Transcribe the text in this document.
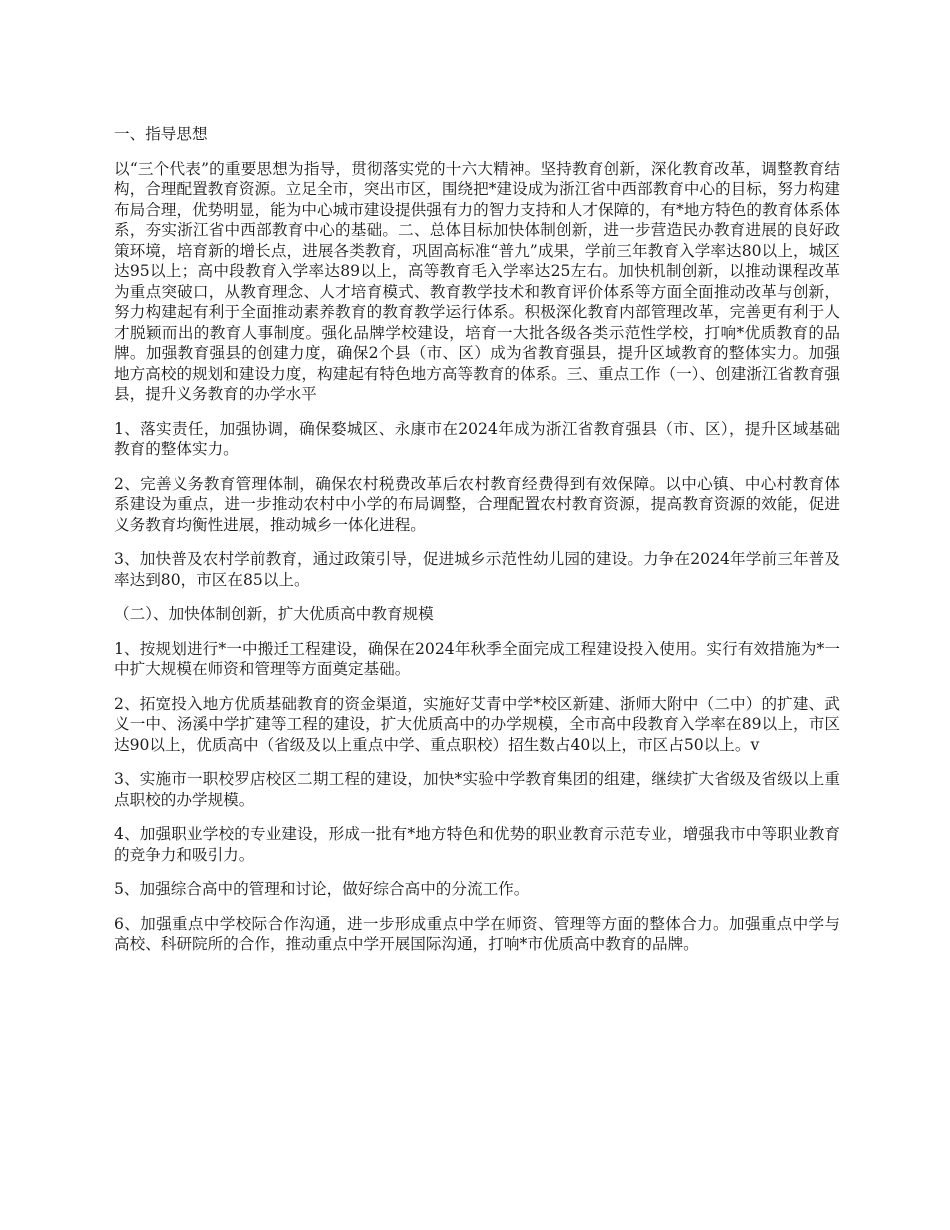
一、指导思想

以“三个代表”的重要思想为指导，贯彻落实党的十六大精神。坚持教育创新，深化教育改革，调整教育结构，合理配置教育资源。立足全市，突出市区，围绕把*建设成为浙江省中西部教育中心的目标，努力构建布局合理，优势明显，能为中心城市建设提供强有力的智力支持和人才保障的，有*地方特色的教育体系体系，夯实浙江省中西部教育中心的基础。二、总体目标加快体制创新，进一步营造民办教育进展的良好政策环境，培育新的增长点，进展各类教育，巩固高标准“普九”成果，学前三年教育入学率达80以上，城区达95以上；高中段教育入学率达89以上，高等教育毛入学率达25左右。加快机制创新，以推动课程改革为重点突破口，从教育理念、人才培育模式、教育教学技术和教育评价体系等方面全面推动改革与创新，努力构建起有利于全面推动素养教育的教育教学运行体系。积极深化教育内部管理改革，完善更有利于人才脱颖而出的教育人事制度。强化品牌学校建设，培育一大批各级各类示范性学校，打响*优质教育的品牌。加强教育强县的创建力度，确保2个县（市、区）成为省教育强县，提升区域教育的整体实力。加强地方高校的规划和建设力度，构建起有特色地方高等教育的体系。三、重点工作（一）、创建浙江省教育强县，提升义务教育的办学水平

1、落实责任，加强协调，确保婺城区、永康市在2024年成为浙江省教育强县（市、区），提升区域基础教育的整体实力。

2、完善义务教育管理体制，确保农村税费改革后农村教育经费得到有效保障。以中心镇、中心村教育体系建设为重点，进一步推动农村中小学的布局调整，合理配置农村教育资源，提高教育资源的效能，促进义务教育均衡性进展，推动城乡一体化进程。

3、加快普及农村学前教育，通过政策引导，促进城乡示范性幼儿园的建设。力争在2024年学前三年普及率达到80，市区在85以上。

（二）、加快体制创新，扩大优质高中教育规模

1、按规划进行*一中搬迁工程建设，确保在2024年秋季全面完成工程建设投入使用。实行有效措施为*一中扩大规模在师资和管理等方面奠定基础。

2、拓宽投入地方优质基础教育的资金渠道，实施好艾青中学*校区新建、浙师大附中（二中）的扩建、武义一中、汤溪中学扩建等工程的建设，扩大优质高中的办学规模，全市高中段教育入学率在89以上，市区达90以上，优质高中（省级及以上重点中学、重点职校）招生数占40以上，市区占50以上。v

3、实施市一职校罗店校区二期工程的建设，加快*实验中学教育集团的组建，继续扩大省级及省级以上重点职校的办学规模。

4、加强职业学校的专业建设，形成一批有*地方特色和优势的职业教育示范专业，增强我市中等职业教育的竞争力和吸引力。

5、加强综合高中的管理和讨论，做好综合高中的分流工作。

6、加强重点中学校际合作沟通，进一步形成重点中学在师资、管理等方面的整体合力。加强重点中学与高校、科研院所的合作，推动重点中学开展国际沟通，打响*市优质高中教育的品牌。
